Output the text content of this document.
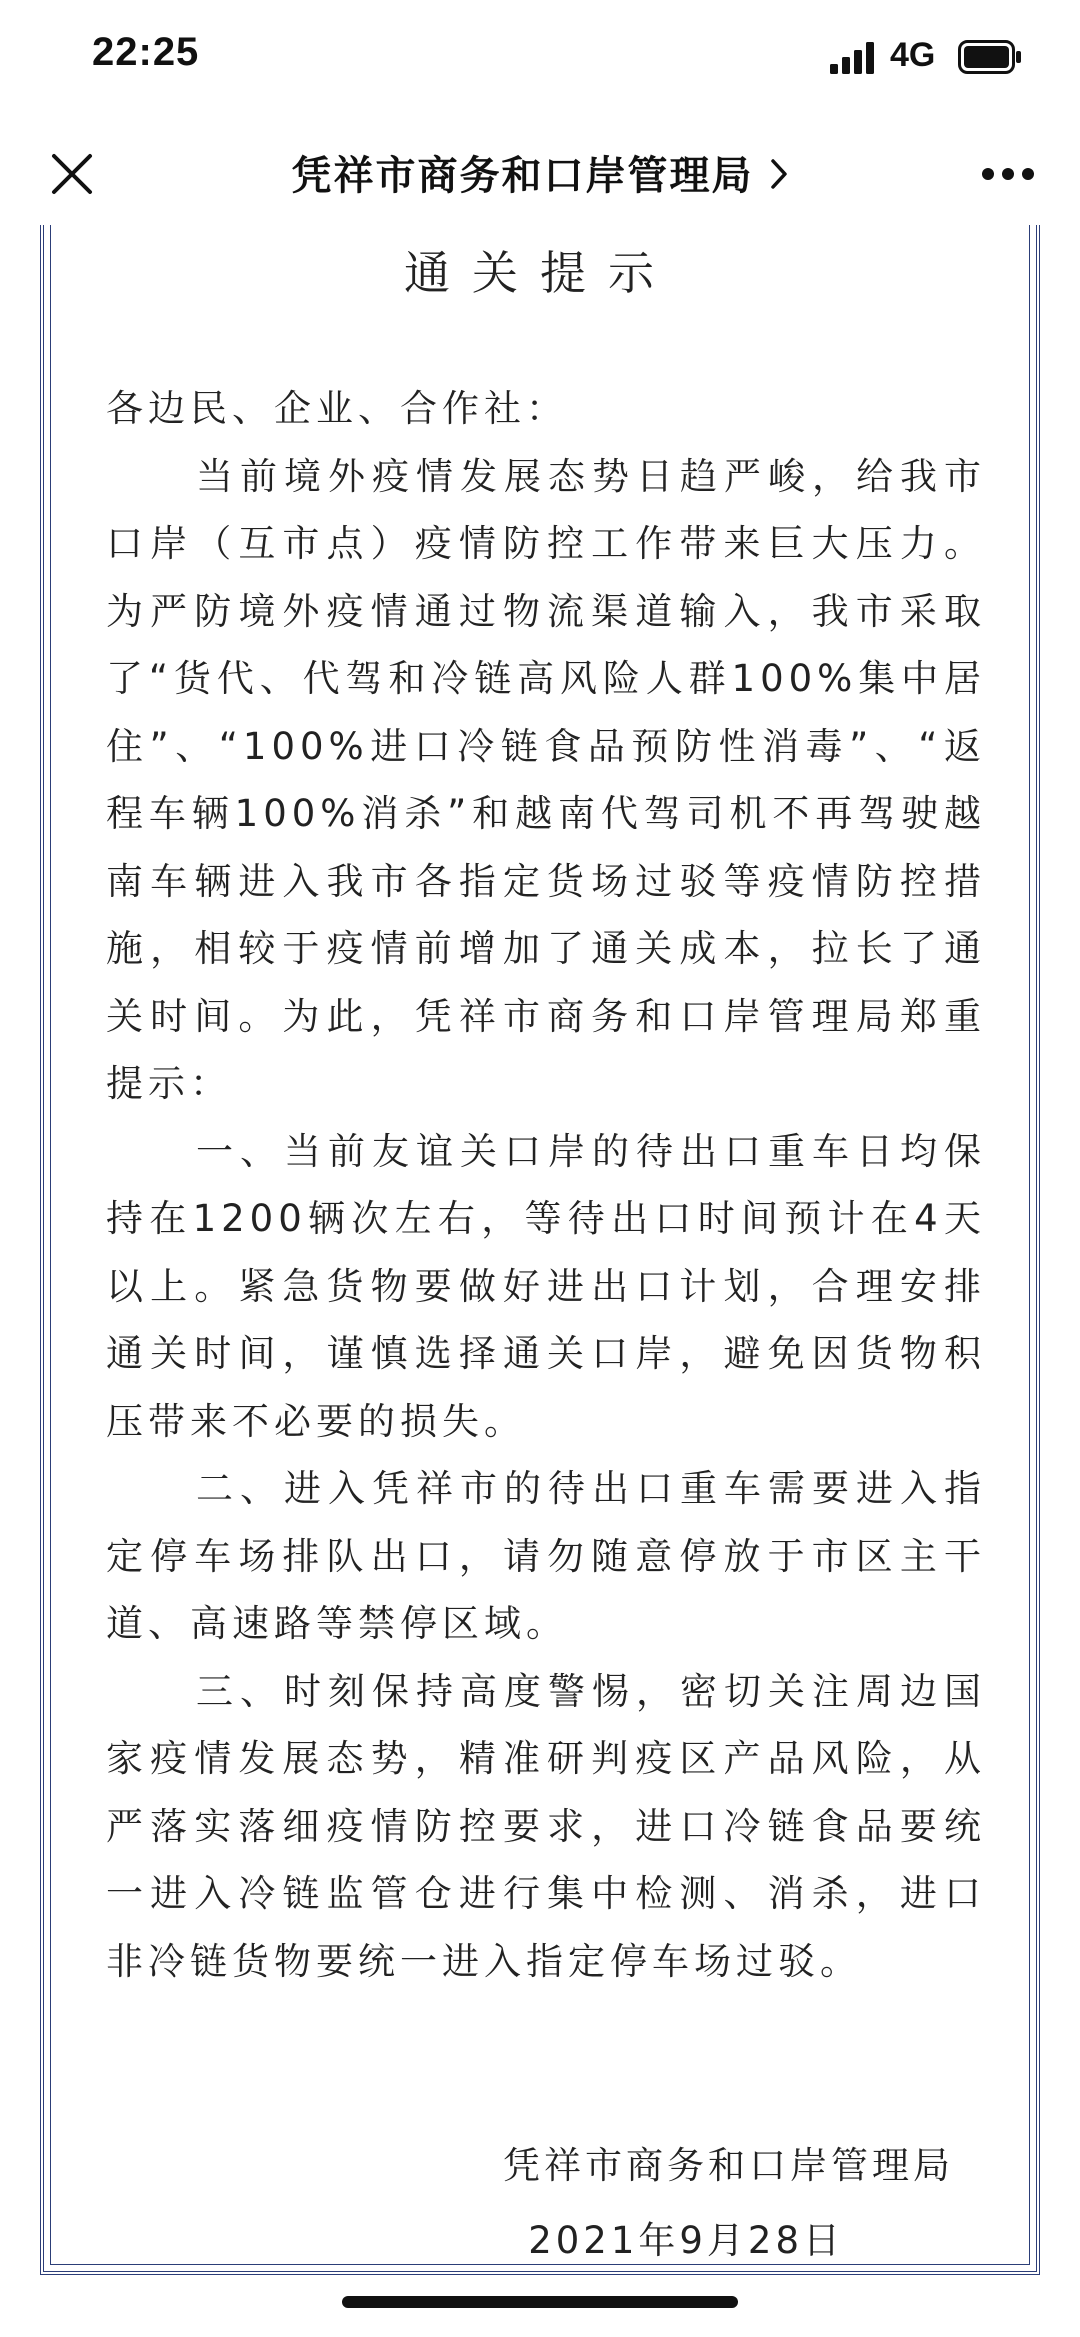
22:25	4G
凭祥市商务和口岸管理局
通关提示

各边民、企业、合作社：

当前境外疫情发展态势日趋严峻，给我市口岸（互市点）疫情防控工作带来巨大压力。为严防境外疫情通过物流渠道输入，我市采取了“货代、代驾和冷链高风险人群100%集中居住”、“100%进口冷链食品预防性消毒”、“返程车辆100%消杀”和越南代驾司机不再驾驶越南车辆进入我市各指定货场过驳等疫情防控措施，相较于疫情前增加了通关成本，拉长了通关时间。为此，凭祥市商务和口岸管理局郑重提示：

一、当前友谊关口岸的待出口重车日均保持在1200辆次左右，等待出口时间预计在4天以上。紧急货物要做好进出口计划，合理安排通关时间，谨慎选择通关口岸，避免因货物积压带来不必要的损失。

二、进入凭祥市的待出口重车需要进入指定停车场排队出口，请勿随意停放于市区主干道、高速路等禁停区域。

三、时刻保持高度警惕，密切关注周边国家疫情发展态势，精准研判疫区产品风险，从严落实落细疫情防控要求，进口冷链食品要统一进入冷链监管仓进行集中检测、消杀，进口非冷链货物要统一进入指定停车场过驳。

凭祥市商务和口岸管理局
2021年9月28日
